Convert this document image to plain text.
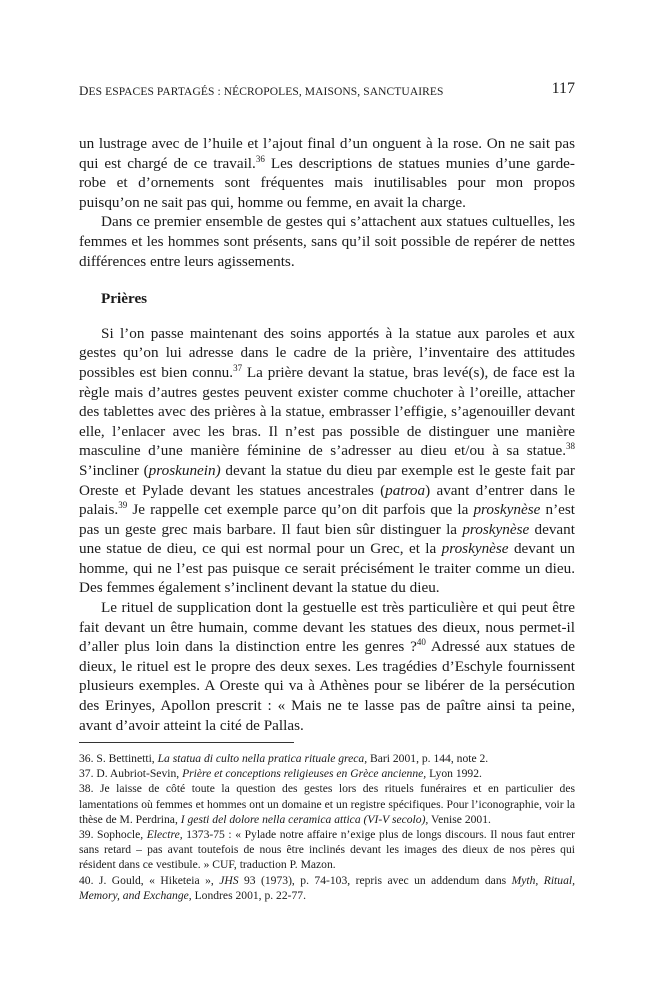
DES ESPACES PARTAGÉS : NÉCROPOLES, MAISONS, SANCTUAIRES	117

un lustrage avec de l’huile et l’ajout final d’un onguent à la rose. On ne sait pas qui est chargé de ce travail.$^{36}$ Les descriptions de statues munies d’une garde-robe et d’ornements sont fréquentes mais inutilisables pour mon propos puisqu’on ne sait pas qui, homme ou femme, en avait la charge.

Dans ce premier ensemble de gestes qui s’attachent aux statues cultuelles, les femmes et les hommes sont présents, sans qu’il soit possible de repérer de nettes différences entre leurs agissements.

Prières

Si l’on passe maintenant des soins apportés à la statue aux paroles et aux gestes qu’on lui adresse dans le cadre de la prière, l’inventaire des attitudes possibles est bien connu.$^{37}$ La prière devant la statue, bras levé(s), de face est la règle mais d’autres gestes peuvent exister comme chuchoter à l’oreille, attacher des tablettes avec des prières à la statue, embrasser l’effigie, s’agenouiller devant elle, l’enlacer avec les bras. Il n’est pas possible de distinguer une manière masculine d’une manière féminine de s’adresser au dieu et/ou à sa statue.$^{38}$ S’incliner (proskunein) devant la statue du dieu par exemple est le geste fait par Oreste et Pylade devant les statues ancestrales (patroa) avant d’entrer dans le palais.$^{39}$ Je rappelle cet exemple parce qu’on dit parfois que la proskynèse n’est pas un geste grec mais barbare. Il faut bien sûr distinguer la proskynèse devant une statue de dieu, ce qui est normal pour un Grec, et la proskynèse devant un homme, qui ne l’est pas puisque ce serait précisément le traiter comme un dieu. Des femmes également s’inclinent devant la statue du dieu.

Le rituel de supplication dont la gestuelle est très particulière et qui peut être fait devant un être humain, comme devant les statues des dieux, nous permet-il d’aller plus loin dans la distinction entre les genres ?$^{40}$ Adressé aux statues de dieux, le rituel est le propre des deux sexes. Les tragédies d’Eschyle fournissent plusieurs exemples. A Oreste qui va à Athènes pour se libérer de la persécution des Erinyes, Apollon prescrit : « Mais ne te lasse pas de paître ainsi ta peine, avant d’avoir atteint la cité de Pallas.

36. S. Bettinetti, La statua di culto nella pratica rituale greca, Bari 2001, p. 144, note 2.

37. D. Aubriot-Sevin, Prière et conceptions religieuses en Grèce ancienne, Lyon 1992.

38. Je laisse de côté toute la question des gestes lors des rituels funéraires et en particulier des lamentations où femmes et hommes ont un domaine et un registre spécifiques. Pour l’iconographie, voir la thèse de M. Perdrina, I gesti del dolore nella ceramica attica (VI-V secolo), Venise 2001.

39. Sophocle, Electre, 1373-75 : « Pylade notre affaire n’exige plus de longs discours. Il nous faut entrer sans retard – pas avant toutefois de nous être inclinés devant les images des dieux de nos pères qui résident dans ce vestibule. » CUF, traduction P. Mazon.

40. J. Gould, « Hiketeia », JHS 93 (1973), p. 74-103, repris avec un addendum dans Myth, Ritual, Memory, and Exchange, Londres 2001, p. 22-77.
